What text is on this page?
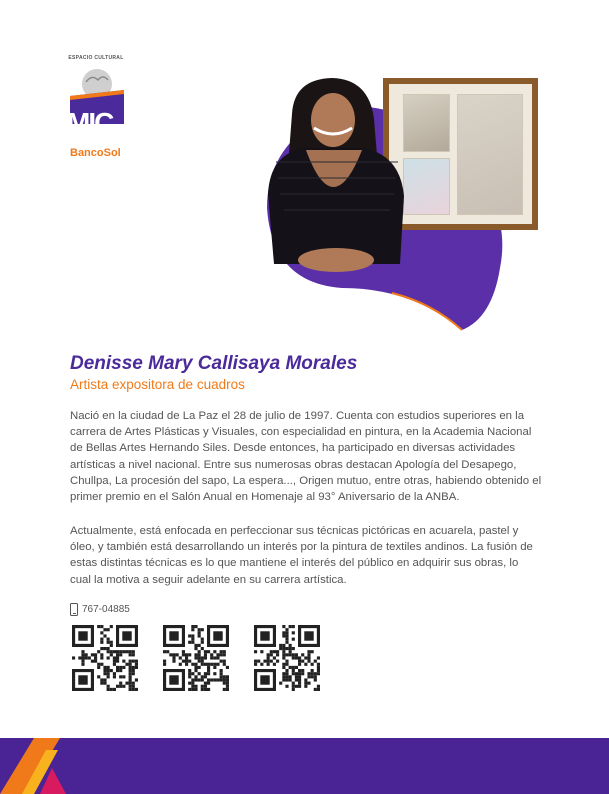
ESPACIO CULTURAL
MIC
BancoSol
Denisse Mary Callisaya Morales

Artista expositora de cuadros

Nació en la ciudad de La Paz el 28 de julio de 1997. Cuenta con estudios superiores en la carrera de Artes Plásticas y Visuales, con especialidad en pintura, en la Academia Nacional de Bellas Artes Hernando Siles. Desde entonces, ha participado en diversas actividades artísticas a nivel nacional. Entre sus numerosas obras destacan Apología del Desapego, Chullpa, La procesión del sapo, La espera..., Origen mutuo, entre otras, habiendo obtenido el primer premio en el Salón Anual en Homenaje al 93° Aniversario de la ANBA.

Actualmente, está enfocada en perfeccionar sus técnicas pictóricas en acuarela, pastel y óleo, y también está desarrollando un interés por la pintura de textiles andinos. La fusión de estas distintas técnicas es lo que mantiene el interés del público en adquirir sus obras, lo cual la motiva a seguir adelante en su carrera artística.

767-04885
